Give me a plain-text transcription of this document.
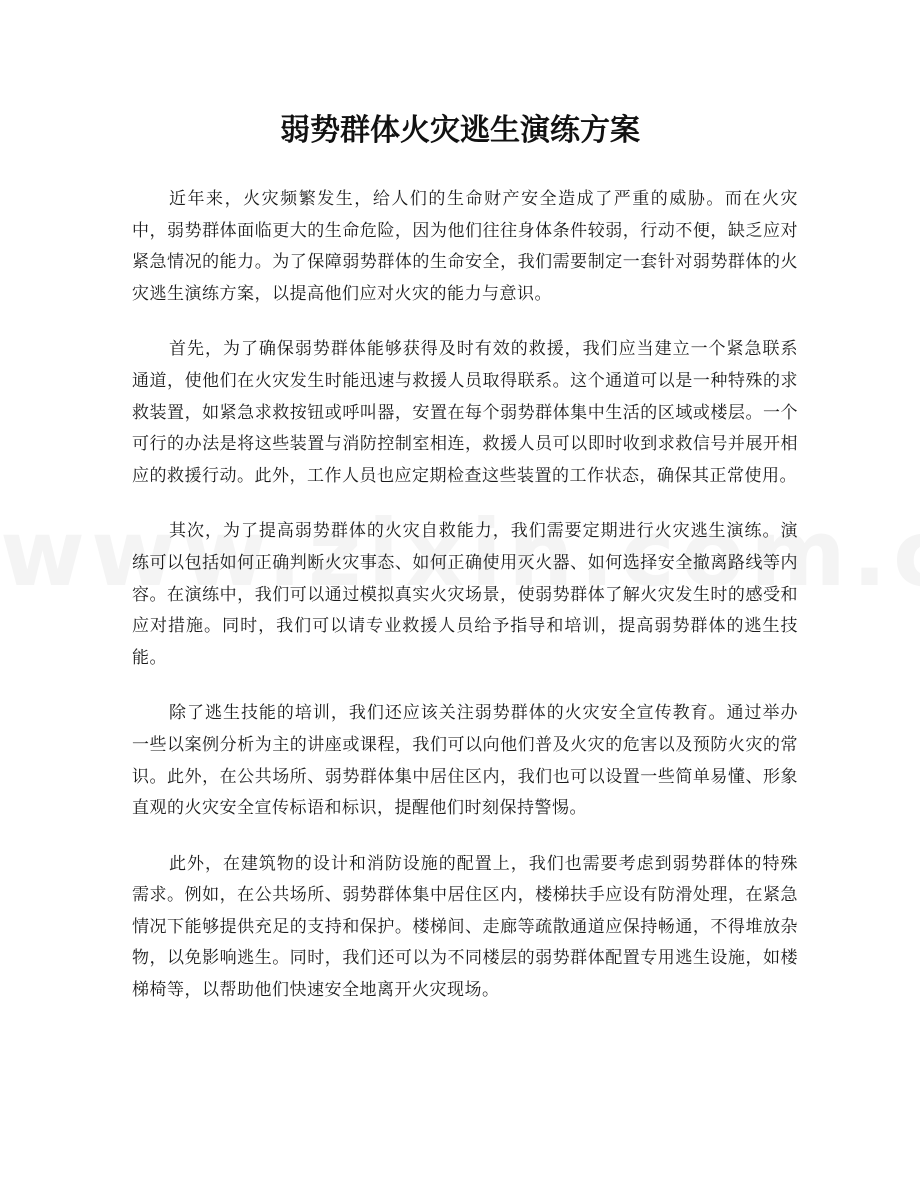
弱势群体火灾逃生演练方案

近年来，火灾频繁发生，给人们的生命财产安全造成了严重的威胁。而在火灾中，弱势群体面临更大的生命危险，因为他们往往身体条件较弱，行动不便，缺乏应对紧急情况的能力。为了保障弱势群体的生命安全，我们需要制定一套针对弱势群体的火灾逃生演练方案，以提高他们应对火灾的能力与意识。

首先，为了确保弱势群体能够获得及时有效的救援，我们应当建立一个紧急联系通道，使他们在火灾发生时能迅速与救援人员取得联系。这个通道可以是一种特殊的求救装置，如紧急求救按钮或呼叫器，安置在每个弱势群体集中生活的区域或楼层。一个可行的办法是将这些装置与消防控制室相连，救援人员可以即时收到求救信号并展开相应的救援行动。此外，工作人员也应定期检查这些装置的工作状态，确保其正常使用。

其次，为了提高弱势群体的火灾自救能力，我们需要定期进行火灾逃生演练。演练可以包括如何正确判断火灾事态、如何正确使用灭火器、如何选择安全撤离路线等内容。在演练中，我们可以通过模拟真实火灾场景，使弱势群体了解火灾发生时的感受和应对措施。同时，我们可以请专业救援人员给予指导和培训，提高弱势群体的逃生技能。

除了逃生技能的培训，我们还应该关注弱势群体的火灾安全宣传教育。通过举办一些以案例分析为主的讲座或课程，我们可以向他们普及火灾的危害以及预防火灾的常识。此外，在公共场所、弱势群体集中居住区内，我们也可以设置一些简单易懂、形象直观的火灾安全宣传标语和标识，提醒他们时刻保持警惕。

此外，在建筑物的设计和消防设施的配置上，我们也需要考虑到弱势群体的特殊需求。例如，在公共场所、弱势群体集中居住区内，楼梯扶手应设有防滑处理，在紧急情况下能够提供充足的支持和保护。楼梯间、走廊等疏散通道应保持畅通，不得堆放杂物，以免影响逃生。同时，我们还可以为不同楼层的弱势群体配置专用逃生设施，如楼梯椅等，以帮助他们快速安全地离开火灾现场。
